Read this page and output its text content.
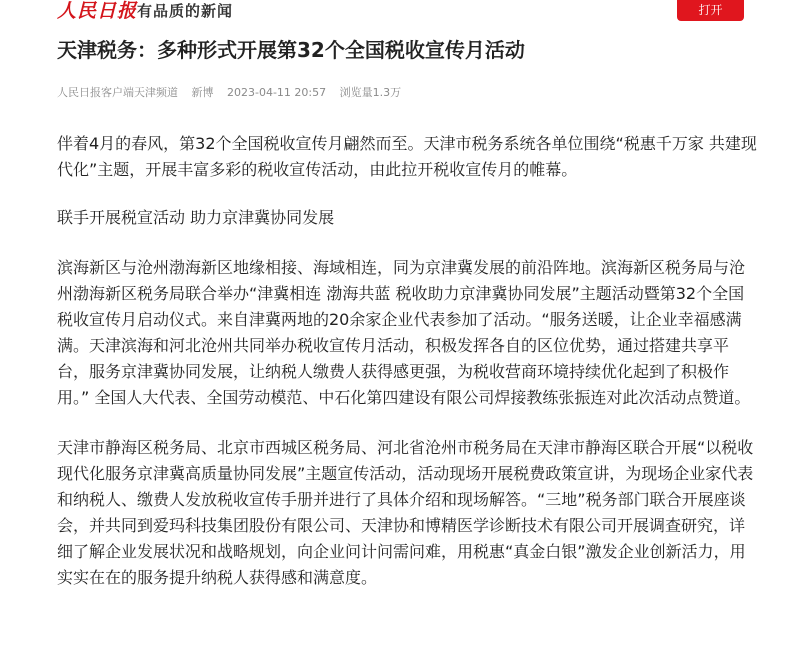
人民日报 有品质的新闻	打开
天津税务：多种形式开展第32个全国税收宣传月活动
人民日报客户端天津频道 新博 2023-04-11 20:57 浏览量1.3万

伴着4月的春风，第32个全国税收宣传月翩然而至。天津市税务系统各单位围绕“税惠千万家 共建现代化”主题，开展丰富多彩的税收宣传活动，由此拉开税收宣传月的帷幕。

联手开展税宣活动 助力京津冀协同发展

滨海新区与沧州渤海新区地缘相接、海域相连，同为京津冀发展的前沿阵地。滨海新区税务局与沧州渤海新区税务局联合举办“津冀相连 渤海共蓝 税收助力京津冀协同发展”主题活动暨第32个全国税收宣传月启动仪式。来自津冀两地的20余家企业代表参加了活动。“服务送暖，让企业幸福感满满。天津滨海和河北沧州共同举办税收宣传月活动，积极发挥各自的区位优势，通过搭建共享平台，服务京津冀协同发展，让纳税人缴费人获得感更强，为税收营商环境持续优化起到了积极作用。” 全国人大代表、全国劳动模范、中石化第四建设有限公司焊接教练张振连对此次活动点赞道。

天津市静海区税务局、北京市西城区税务局、河北省沧州市税务局在天津市静海区联合开展“以税收现代化服务京津冀高质量协同发展”主题宣传活动，活动现场开展税费政策宣讲，为现场企业家代表和纳税人、缴费人发放税收宣传手册并进行了具体介绍和现场解答。“三地”税务部门联合开展座谈会，并共同到爱玛科技集团股份有限公司、天津协和博精医学诊断技术有限公司开展调查研究，详细了解企业发展状况和战略规划，向企业问计问需问难，用税惠“真金白银”激发企业创新活力，用实实在在的服务提升纳税人获得感和满意度。
